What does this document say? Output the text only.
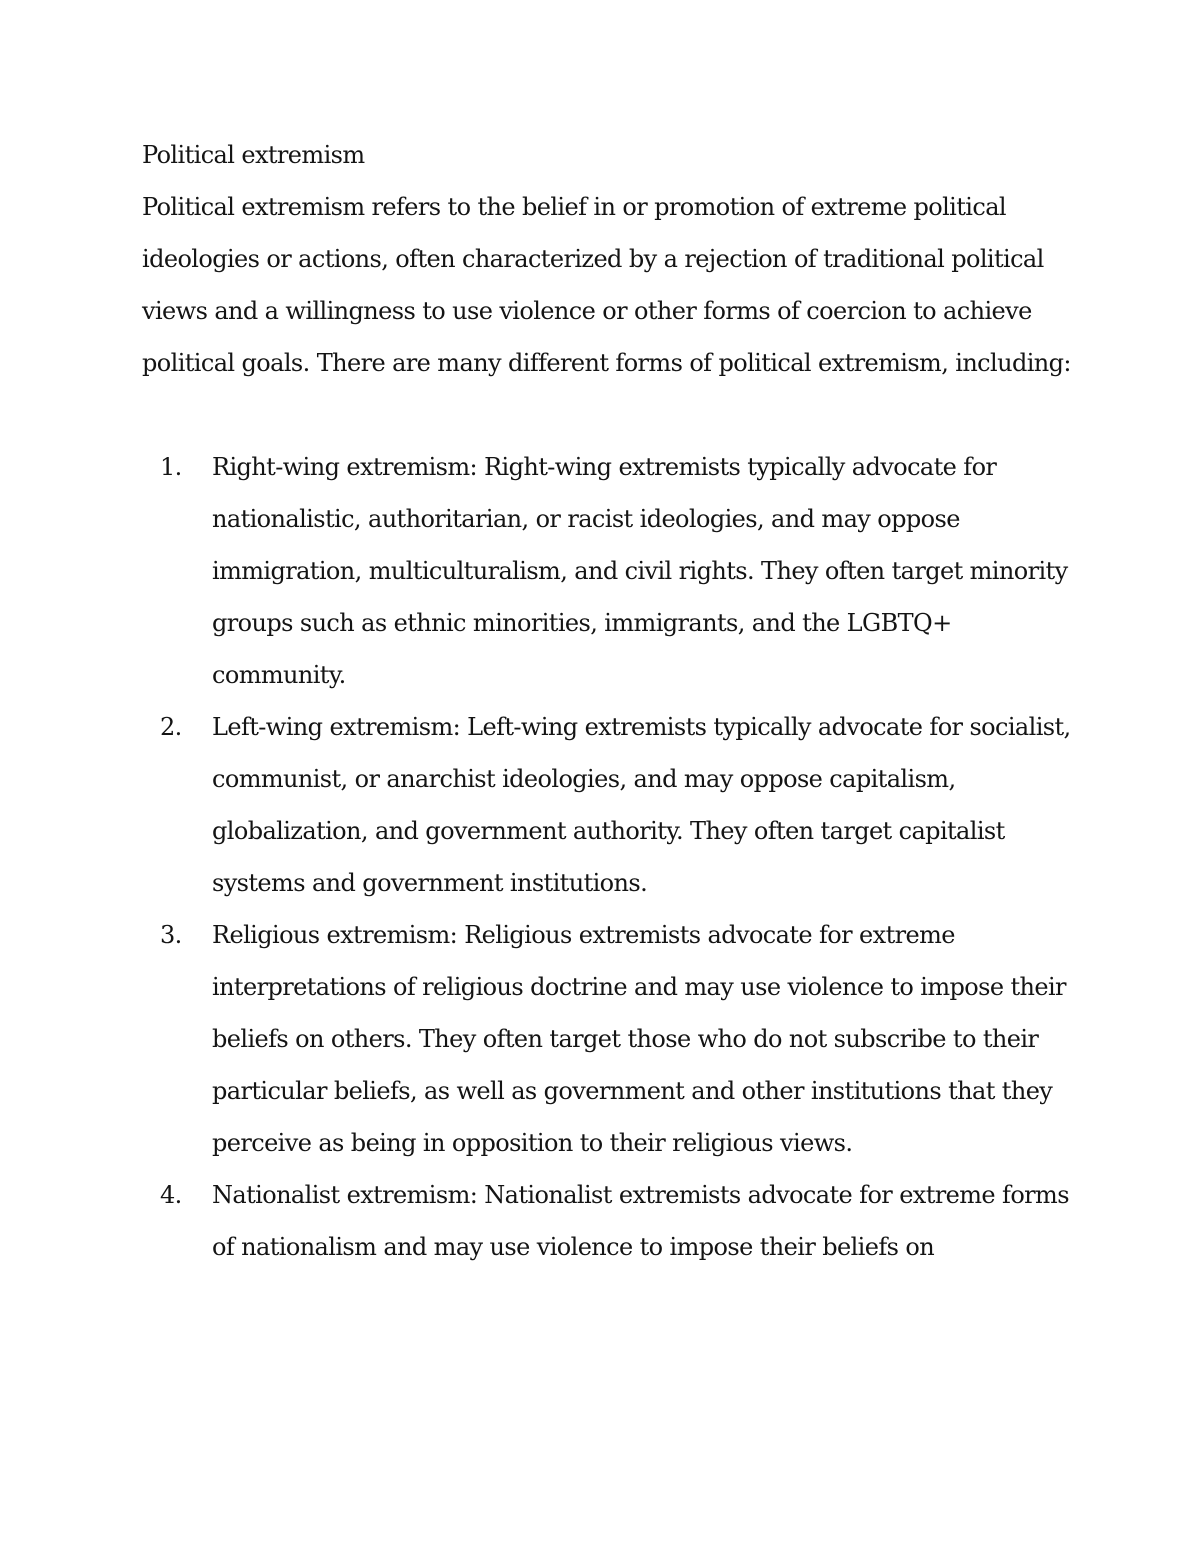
Political extremism

Political extremism refers to the belief in or promotion of extreme political ideologies or actions, often characterized by a rejection of traditional political views and a willingness to use violence or other forms of coercion to achieve political goals. There are many different forms of political extremism, including:

1. Right-wing extremism: Right-wing extremists typically advocate for nationalistic, authoritarian, or racist ideologies, and may oppose immigration, multiculturalism, and civil rights. They often target minority groups such as ethnic minorities, immigrants, and the LGBTQ+ community.
2. Left-wing extremism: Left-wing extremists typically advocate for socialist, communist, or anarchist ideologies, and may oppose capitalism, globalization, and government authority. They often target capitalist systems and government institutions.
3. Religious extremism: Religious extremists advocate for extreme interpretations of religious doctrine and may use violence to impose their beliefs on others. They often target those who do not subscribe to their particular beliefs, as well as government and other institutions that they perceive as being in opposition to their religious views.
4. Nationalist extremism: Nationalist extremists advocate for extreme forms of nationalism and may use violence to impose their beliefs on
